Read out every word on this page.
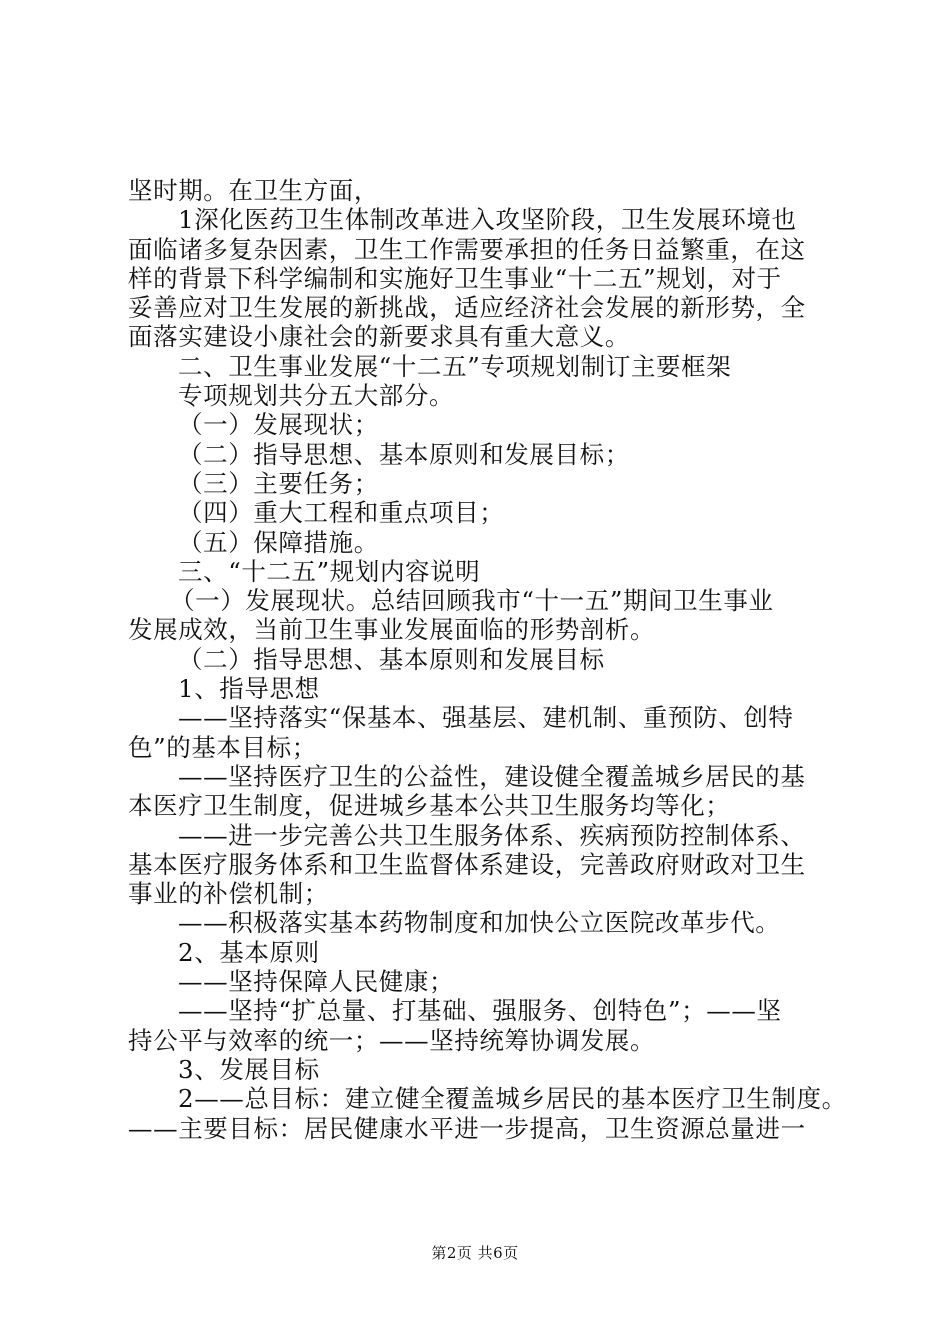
坚时期。在卫生方面，
1深化医药卫生体制改革进入攻坚阶段，卫生发展环境也
面临诸多复杂因素，卫生工作需要承担的任务日益繁重，在这
样的背景下科学编制和实施好卫生事业“十二五”规划，对于
妥善应对卫生发展的新挑战，适应经济社会发展的新形势，全
面落实建设小康社会的新要求具有重大意义。
二、卫生事业发展“十二五”专项规划制订主要框架
专项规划共分五大部分。
（一）发展现状；
（二）指导思想、基本原则和发展目标；
（三）主要任务；
（四）重大工程和重点项目；
（五）保障措施。
三、“十二五”规划内容说明
（一）发展现状。总结回顾我市“十一五”期间卫生事业
发展成效，当前卫生事业发展面临的形势剖析。
（二）指导思想、基本原则和发展目标
1、指导思想
——坚持落实“保基本、强基层、建机制、重预防、创特
色”的基本目标；
——坚持医疗卫生的公益性，建设健全覆盖城乡居民的基
本医疗卫生制度，促进城乡基本公共卫生服务均等化；
——进一步完善公共卫生服务体系、疾病预防控制体系、
基本医疗服务体系和卫生监督体系建设，完善政府财政对卫生
事业的补偿机制；
——积极落实基本药物制度和加快公立医院改革步代。
2、基本原则
——坚持保障人民健康；
——坚持“扩总量、打基础、强服务、创特色”；——坚
持公平与效率的统一；——坚持统筹协调发展。
3、发展目标
2——总目标：建立健全覆盖城乡居民的基本医疗卫生制度。
——主要目标：居民健康水平进一步提高，卫生资源总量进一
第2页 共6页
